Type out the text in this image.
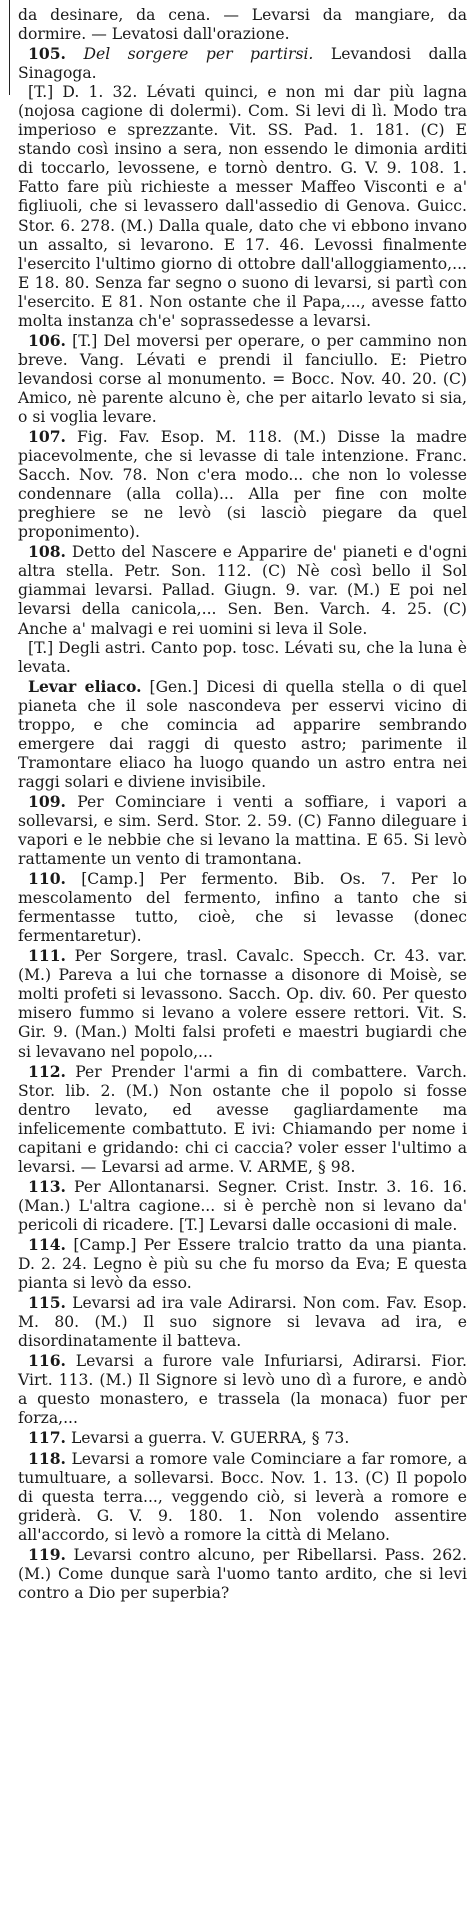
da desinare, da cena. — Levarsi da mangiare, da dormire. — Levatosi dall'orazione.

105. Del sorgere per partirsi. Levandosi dalla Sinagoga.

[T.] D. 1. 32. Lévati quinci, e non mi dar più lagna (nojosa cagione di dolermi). Com. Si levi di lì. Modo tra imperioso e sprezzante. Vit. SS. Pad. 1. 181. (C) E stando così insino a sera, non essendo le dimonia arditi di toccarlo, levossene, e tornò dentro. G. V. 9. 108. 1. Fatto fare più richieste a messer Maffeo Visconti e a' figliuoli, che si levassero dall'assedio di Genova. Guicc. Stor. 6. 278. (M.) Dalla quale, dato che vi ebbono invano un assalto, si levarono. E 17. 46. Levossi finalmente l'esercito l'ultimo giorno di ottobre dall'alloggiamento,... E 18. 80. Senza far segno o suono di levarsi, si partì con l'esercito. E 81. Non ostante che il Papa,..., avesse fatto molta instanza ch'e' soprassedesse a levarsi.

106. [T.] Del moversi per operare, o per cammino non breve. Vang. Lévati e prendi il fanciullo. E: Pietro levandosi corse al monumento. = Bocc. Nov. 40. 20. (C) Amico, nè parente alcuno è, che per aitarlo levato si sia, o si voglia levare.

107. Fig. Fav. Esop. M. 118. (M.) Disse la madre piacevolmente, che si levasse di tale intenzione. Franc. Sacch. Nov. 78. Non c'era modo... che non lo volesse condennare (alla colla)... Alla per fine con molte preghiere se ne levò (si lasciò piegare da quel proponimento).

108. Detto del Nascere e Apparire de' pianeti e d'ogni altra stella. Petr. Son. 112. (C) Nè così bello il Sol giammai levarsi. Pallad. Giugn. 9. var. (M.) E poi nel levarsi della canicola,... Sen. Ben. Varch. 4. 25. (C) Anche a' malvagi e rei uomini si leva il Sole.

[T.] Degli astri. Canto pop. tosc. Lévati su, che la luna è levata.

Levar eliaco. [Gen.] Dicesi di quella stella o di quel pianeta che il sole nascondeva per esservi vicino di troppo, e che comincia ad apparire sembrando emergere dai raggi di questo astro; parimente il Tramontare eliaco ha luogo quando un astro entra nei raggi solari e diviene invisibile.

109. Per Cominciare i venti a soffiare, i vapori a sollevarsi, e sim. Serd. Stor. 2. 59. (C) Fanno dileguare i vapori e le nebbie che si levano la mattina. E 65. Si levò rattamente un vento di tramontana.

110. [Camp.] Per fermento. Bib. Os. 7. Per lo mescolamento del fermento, infino a tanto che si fermentasse tutto, cioè, che si levasse (donec fermentaretur).

111. Per Sorgere, trasl. Cavalc. Specch. Cr. 43. var. (M.) Pareva a lui che tornasse a disonore di Moisè, se molti profeti si levassono. Sacch. Op. div. 60. Per questo misero fummo si levano a volere essere rettori. Vit. S. Gir. 9. (Man.) Molti falsi profeti e maestri bugiardi che si levavano nel popolo,...

112. Per Prender l'armi a fin di combattere. Varch. Stor. lib. 2. (M.) Non ostante che il popolo si fosse dentro levato, ed avesse gagliardamente ma infelicemente combattuto. E ivi: Chiamando per nome i capitani e gridando: chi ci caccia? voler esser l'ultimo a levarsi. — Levarsi ad arme. V. ARME, § 98.

113. Per Allontanarsi. Segner. Crist. Instr. 3. 16. 16. (Man.) L'altra cagione... si è perchè non si levano da' pericoli di ricadere. [T.] Levarsi dalle occasioni di male.

114. [Camp.] Per Essere tralcio tratto da una pianta. D. 2. 24. Legno è più su che fu morso da Eva; E questa pianta si levò da esso.

115. Levarsi ad ira vale Adirarsi. Non com. Fav. Esop. M. 80. (M.) Il suo signore si levava ad ira, e disordinatamente il batteva.

116. Levarsi a furore vale Infuriarsi, Adirarsi. Fior. Virt. 113. (M.) Il Signore si levò uno dì a furore, e andò a questo monastero, e trassela (la monaca) fuor per forza,...

117. Levarsi a guerra. V. GUERRA, § 73.

118. Levarsi a romore vale Cominciare a far romore, a tumultuare, a sollevarsi. Bocc. Nov. 1. 13. (C) Il popolo di questa terra..., veggendo ciò, si leverà a romore e griderà. G. V. 9. 180. 1. Non volendo assentire all'accordo, si levò a romore la città di Melano.

119. Levarsi contro alcuno, per Ribellarsi. Pass. 262. (M.) Come dunque sarà l'uomo tanto ardito, che si levi contro a Dio per superbia?
